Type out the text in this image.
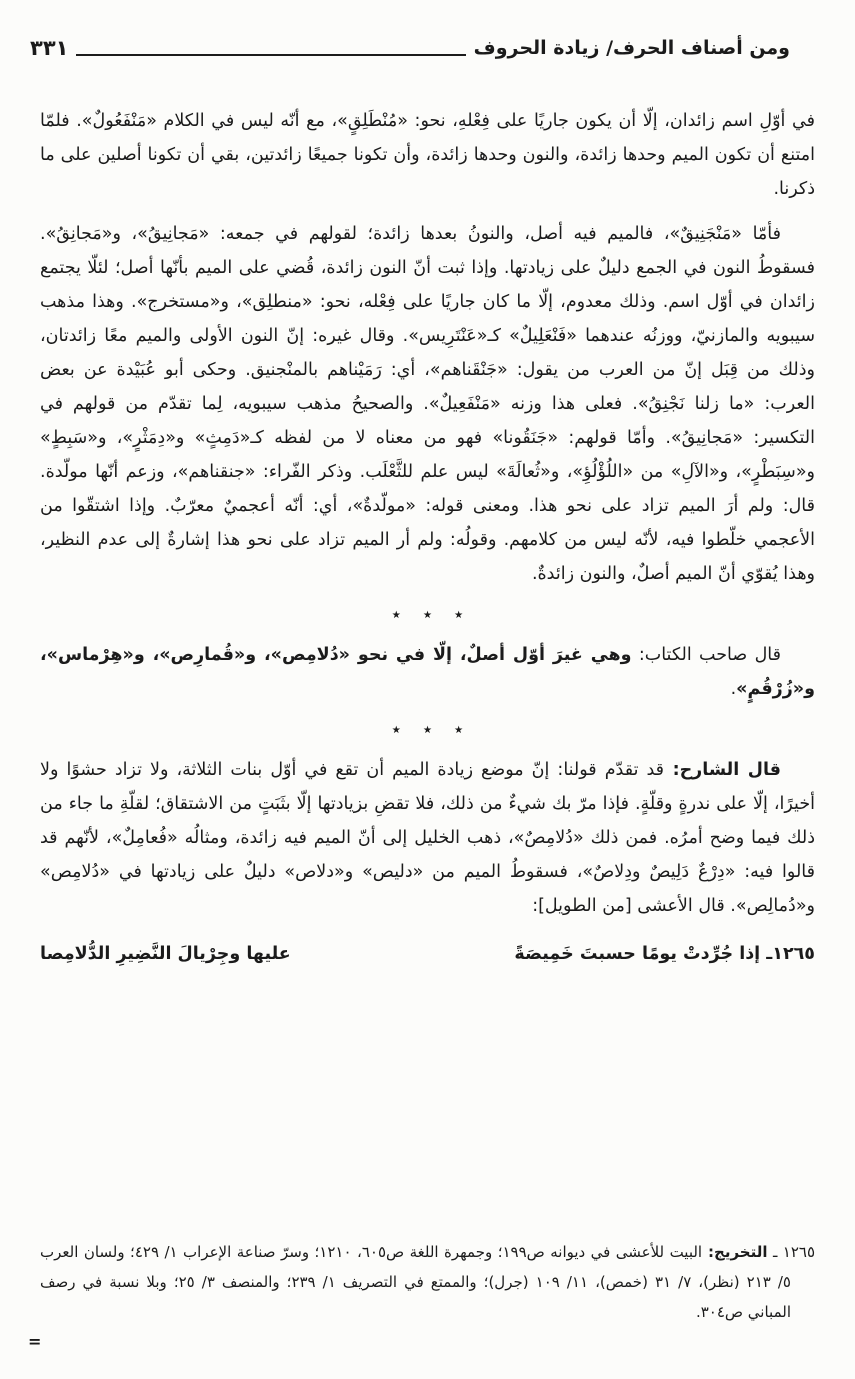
ومن أصناف الحرف/ زيادة الحروف
٣٣١

في أوّلِ اسم زائدان، إلّا أن يكون جاريًا على فِعْلهِ، نحو: «مُنْطَلِقٍ»، مع أنّه ليس في الكلام «مَنْفَعُولٌ». فلمّا امتنع أن تكون الميم وحدها زائدة، والنون وحدها زائدة، وأن تكونا جميعًا زائدتين، بقي أن تكونا أصلين على ما ذكرنا.

فأمّا «مَنْجَنِيقٌ»، فالميم فيه أصل، والنونُ بعدها زائدة؛ لقولهم في جمعه: «مَجانِيقُ»، و«مَجانِقُ». فسقوطُ النون في الجمع دليلٌ على زيادتها. وإذا ثبت أنّ النون زائدة، قُضي على الميم بأنّها أصل؛ لئلّا يجتمع زائدان في أوّل اسم. وذلك معدوم، إلّا ما كان جاريًا على فِعْله، نحو: «منطلِق»، و«مستخرج». وهذا مذهب سيبويه والمازنيّ، ووزنُه عندهما «فَنْعَلِيلٌ» كـ«عَنْتَرِيس». وقال غيره: إنّ النون الأولى والميم معًا زائدتان، وذلك من قِبَل إنّ من العرب من يقول: «جَنْقَناهم»، أي: رَمَيْناهم بالمنْجنيق. وحكى أبو عُبَيْدة عن بعض العرب: «ما زلنا نَجْنِقُ». فعلى هذا وزنه «مَنْفَعِيلٌ». والصحيحُ مذهب سيبويه، لِما تقدّم من قولهم في التكسير: «مَجانِيقُ». وأمّا قولهم: «جَنَقُونا» فهو من معناه لا من لفظه كـ«دَمِثٍ» و«دِمَثْرٍ»، و«سَبِطٍ» و«سِبَطْرٍ»، و«الآلِ» من «اللُؤْلُؤِ»، و«ثُعالَةَ» ليس علم للثَّعْلَب. وذكر الفّراء: «جنقناهم»، وزعم أنّها مولّدة. قال: ولم أرَ الميم تزاد على نحو هذا. ومعنى قوله: «مولّدةٌ»، أي: أنّه أعجميٌ معرّبٌ. وإذا اشتقّوا من الأعجمي خلّطوا فيه، لأنّه ليس من كلامهم. وقولُه: ولم أر الميم تزاد على نحو هذا إشارةٌ إلى عدم النظير، وهذا يُقوّي أنّ الميم أصلٌ، والنون زائدةٌ.

٭ ٭ ٭

قال صاحب الكتاب: وهي غيرَ أوّل أصلٌ، إلّا في نحو «دُلامِص»، و«قُمارِص»، و«هِرْماس»، و«زُرْقُمٍ».

٭ ٭ ٭

قال الشارح: قد تقدّم قولنا: إنّ موضع زيادة الميم أن تقع في أوّل بنات الثلاثة، ولا تزاد حشوًا ولا أخيرًا، إلّا على ندرةٍ وقلّةٍ. فإذا مرّ بك شيءٌ من ذلك، فلا تقضِ بزيادتها إلّا بثَبَتٍ من الاشتقاق؛ لقلّةِ ما جاء من ذلك فيما وضح أمرُه. فمن ذلك «دُلامِصٌ»، ذهب الخليل إلى أنّ الميم فيه زائدة، ومثالُه «فُعامِلٌ»، لأنّهم قد قالوا فيه: «دِرْعٌ دَلِيصٌ ودِلاصٌ»، فسقوطُ الميم من «دليص» و«دلاص» دليلٌ على زيادتها في «دُلامِص» و«دُمالِص». قال الأعشى [من الطويل]:

١٢٦٥ـ إذا جُرِّدتْ يومًا حسبتَ خَمِيصَةً
عليها وجِرْيالَ النَّضِيرِ الدُّلامِصا

١٢٦٥ ـ التخريج: البيت للأعشى في ديوانه ص١٩٩؛ وجمهرة اللغة ص٦٠٥، ١٢١٠؛ وسرّ صناعة الإعراب ١/ ٤٢٩؛ ولسان العرب ٥/ ٢١٣ (نظر)، ٧/ ٣١ (خمص)، ١١/ ١٠٩ (جرل)؛ والممتع في التصريف ١/ ٢٣٩؛ والمنصف ٣/ ٢٥؛ وبلا نسبة في رصف المباني ص٣٠٤.

=
